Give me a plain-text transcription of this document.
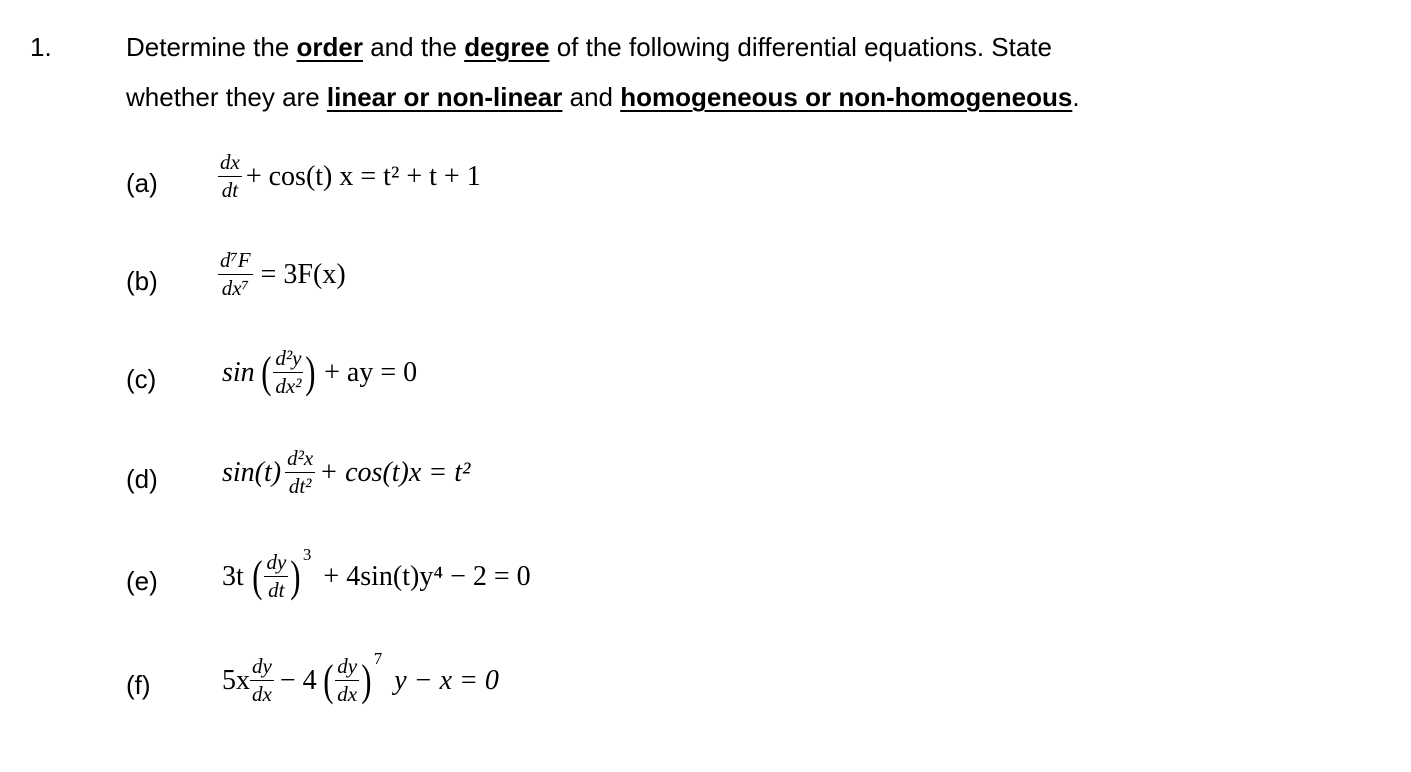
1.	Determine the order and the degree of the following differential equations. State
whether they are linear or non-linear and homogeneous or non-homogeneous.
(a)	$\frac{dx}{dt} + \cos(t) x = t^2 + t + 1$
(b)	$\frac{\text{d⁷F}}{\text{dx⁷}} = 3F(x)$
(c) sin ( $\frac{\text{d²y}}{\text{dx²}}$ ) + ay = 0
(d) $\sin(t) \frac{\text{d²x}}{\text{dt²}} + \cos(t)x = t^2$
(e) 3t ( $\frac{dy}{dt}$ ) 3
+ 4sin(t)y⁴ − 2 = 0
(f)	$5x \frac{dy}{dx} - 4$ ( $\frac{dy}{dx}$ ) 7
y − x = 0
